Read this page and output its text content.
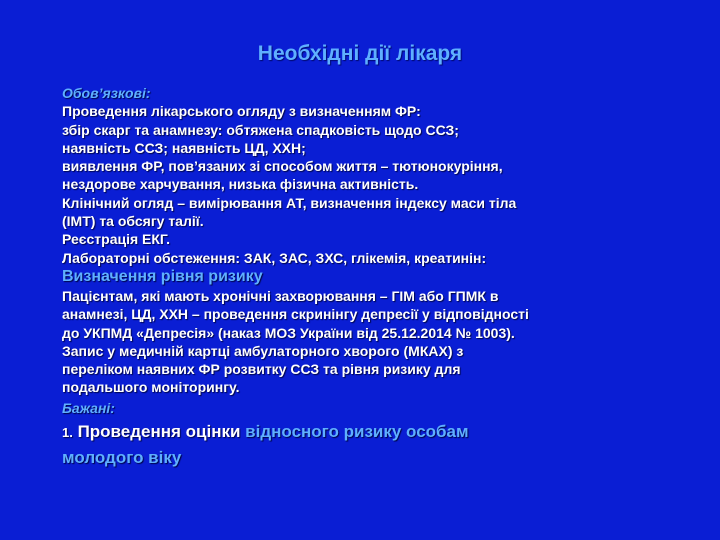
Необхідні дії лікаря
Обов’язкові:
Проведення лікарського огляду з визначенням ФР:
збір скарг та анамнезу: обтяжена спадковість щодо ССЗ;
наявність ССЗ; наявність ЦД, ХХН;
виявлення ФР, пов’язаних зі способом життя – тютюнокуріння,
нездорове харчування, низька фізична активність.
Клінічний огляд – вимірювання АТ, визначення індексу маси тіла
(ІМТ) та обсягу талії.
Реєстрація ЕКГ.
Лабораторні обстеження: ЗАК, ЗАС, ЗХС, глікемія, креатинін:
Визначення рівня ризику
Пацієнтам, які мають хронічні захворювання – ГІМ або ГПМК в
анамнезі, ЦД, ХХН – проведення скринінгу депресії у відповідності
до УКПМД «Депресія» (наказ МОЗ України від 25.12.2014 № 1003).
Запис у медичній картці амбулаторного хворого (МКАХ) з
переліком наявних ФР розвитку ССЗ та рівня ризику для
подальшого моніторингу.
Бажані:
1. Проведення оцінки відносного ризику особам
молодого віку
